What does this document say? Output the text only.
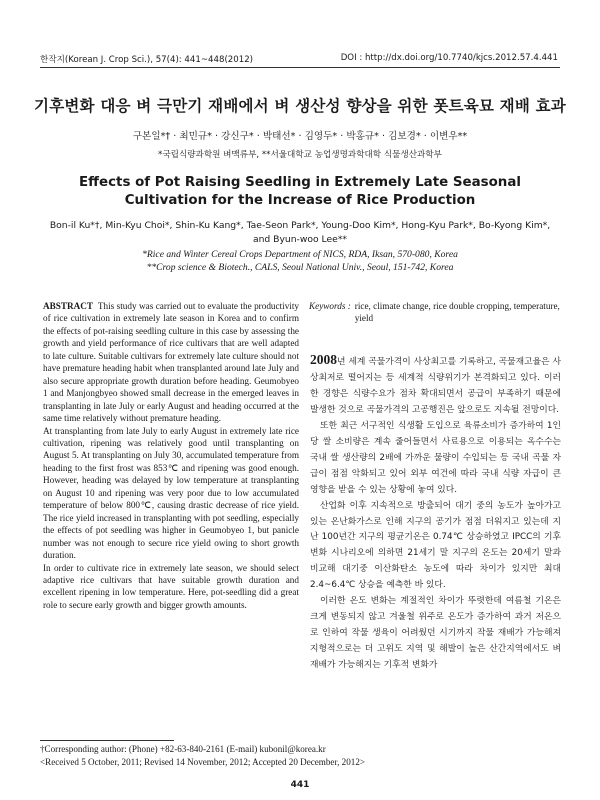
한작지(Korean J. Crop Sci.), 57(4): 441~448(2012)	DOI : http://dx.doi.org/10.7740/kjcs.2012.57.4.441
기후변화 대응 벼 극만기 재배에서 벼 생산성 향상을 위한 폿트육묘 재배 효과
구본일*† · 최민규* · 강신구* · 박태선* · 김영두* · 박홍규* · 김보경* · 이변우**
*국립식량과학원 벼맥류부, **서울대학교 농업생명과학대학 식물생산과학부
Effects of Pot Raising Seedling in Extremely Late Seasonal Cultivation for the Increase of Rice Production
Bon-il Ku*†, Min-Kyu Choi*, Shin-Ku Kang*, Tae-Seon Park*, Young-Doo Kim*, Hong-Kyu Park*, Bo-Kyong Kim*, and Byun-woo Lee**
*Rice and Winter Cereal Crops Department of NICS, RDA, Iksan, 570-080, Korea
**Crop science & Biotech., CALS, Seoul National Univ., Seoul, 151-742, Korea

ABSTRACT This study was carried out to evaluate the productivity of rice cultivation in extremely late season in Korea and to confirm the effects of pot-raising seedling culture in this case by assessing the growth and yield performance of rice cultivars that are well adapted to late culture. Suitable cultivars for extremely late culture should not have premature heading habit when transplanted around late July and also secure appropriate growth duration before heading. Geumobyeo 1 and Manjongbyeo showed small decrease in the emerged leaves in transplanting in late July or early August and heading occurred at the same time relatively without premature heading.

At transplanting from late July to early August in extremely late rice cultivation, ripening was relatively good until transplanting on August 5. At transplanting on July 30, accumulated temperature from heading to the first frost was 853℃ and ripening was good enough. However, heading was delayed by low temperature at transplanting on August 10 and ripening was very poor due to low accumulated temperature of below 800℃, causing drastic decrease of rice yield. The rice yield increased in transplanting with pot seedling, especially the effects of pot seedling was higher in Geumobyeo 1, but panicle number was not enough to secure rice yield owing to short growth duration.

In order to cultivate rice in extremely late season, we should select adaptive rice cultivars that have suitable growth duration and excellent ripening in low temperature. Here, pot-seedling did a great role to secure early growth and bigger growth amounts.

Keywords : rice, climate change, rice double cropping, temperature, yield

2008년 세계 곡물가격이 사상최고를 기록하고, 곡물재고율은 사상최저로 떨어지는 등 세계적 식량위기가 본격화되고 있다. 이러한 경향은 식량수요가 점차 확대되면서 공급이 부족하기 때문에 발생한 것으로 곡물가격의 고공행진은 앞으로도 지속될 전망이다.

또한 최근 서구적인 식생활 도입으로 육류소비가 증가하여 1인당 쌀 소비량은 계속 줄어들면서 사료용으로 이용되는 옥수수는 국내 쌀 생산량의 2배에 가까운 물량이 수입되는 등 국내 곡물 자급이 점점 악화되고 있어 외부 여건에 따라 국내 식량 자급이 큰 영향을 받을 수 있는 상황에 놓여 있다.

산업화 이후 지속적으로 방출되어 대기 중의 농도가 높아가고 있는 온난화가스로 인해 지구의 공기가 점점 더워지고 있는데 지난 100년간 지구의 평균기온은 0.74℃ 상승하였고 IPCC의 기후변화 시나리오에 의하면 21세기 말 지구의 온도는 20세기 말과 비교해 대기중 이산화탄소 농도에 따라 차이가 있지만 최대 2.4~6.4℃ 상승을 예측한 바 있다.

이러한 온도 변화는 계절적인 차이가 뚜렷한데 여름철 기온은 크게 변동되지 않고 겨울철 위주로 온도가 증가하여 과거 저온으로 인하여 작물 생육이 어려웠던 시기까지 작물 재배가 가능해져 지형적으로는 더 고위도 지역 및 해발이 높은 산간지역에서도 벼 재배가 가능해지는 기후적 변화가

†Corresponding author: (Phone) +82-63-840-2161 (E-mail) kubonil@korea.kr
<Received 5 October, 2011; Revised 14 November, 2012; Accepted 20 December, 2012>
441
